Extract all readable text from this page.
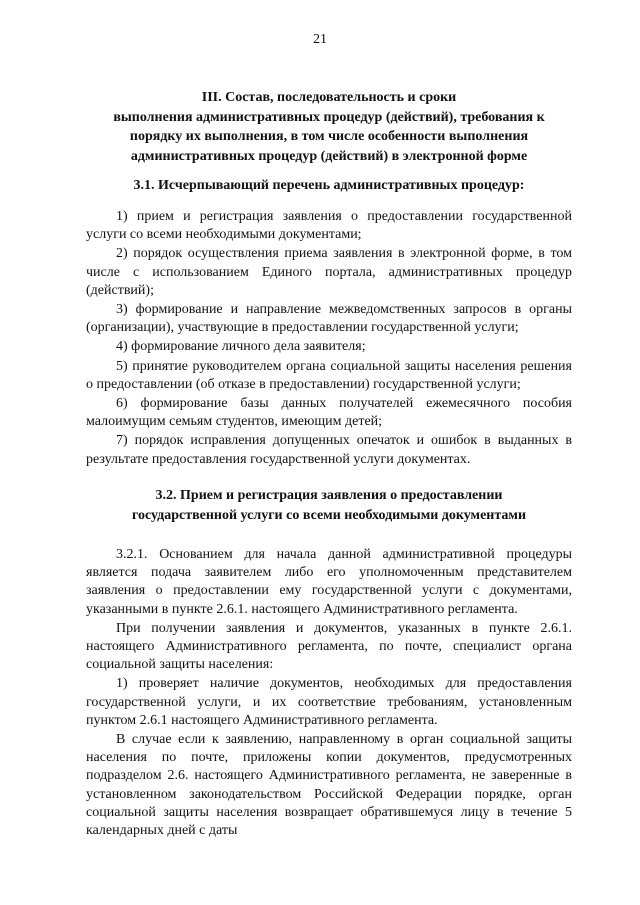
21
III. Состав, последовательность и сроки
выполнения административных процедур (действий), требования к
порядку их выполнения, в том числе особенности выполнения
административных процедур (действий) в электронной форме
3.1. Исчерпывающий перечень административных процедур:

1) прием и регистрация заявления о предоставлении государственной услуги со всеми необходимыми документами;

2) порядок осуществления приема заявления в электронной форме, в том числе с использованием Единого портала, административных процедур (действий);

3) формирование и направление межведомственных запросов в органы (организации), участвующие в предоставлении государственной услуги;

4) формирование личного дела заявителя;

5) принятие руководителем органа социальной защиты населения решения о предоставлении (об отказе в предоставлении) государственной услуги;

6) формирование базы данных получателей ежемесячного пособия малоимущим семьям студентов, имеющим детей;

7) порядок исправления допущенных опечаток и ошибок в выданных в результате предоставления государственной услуги документах.

3.2. Прием и регистрация заявления о предоставлении
государственной услуги со всеми необходимыми документами

3.2.1. Основанием для начала данной административной процедуры является подача заявителем либо его уполномоченным представителем заявления о предоставлении ему государственной услуги с документами, указанными в пункте 2.6.1. настоящего Административного регламента.

При получении заявления и документов, указанных в пункте 2.6.1. настоящего Административного регламента, по почте, специалист органа социальной защиты населения:

1) проверяет наличие документов, необходимых для предоставления государственной услуги, и их соответствие требованиям, установленным пунктом 2.6.1 настоящего Административного регламента.

В случае если к заявлению, направленному в орган социальной защиты населения по почте, приложены копии документов, предусмотренных подразделом 2.6. настоящего Административного регламента, не заверенные в установленном законодательством Российской Федерации порядке, орган социальной защиты населения возвращает обратившемуся лицу в течение 5 календарных дней с даты
